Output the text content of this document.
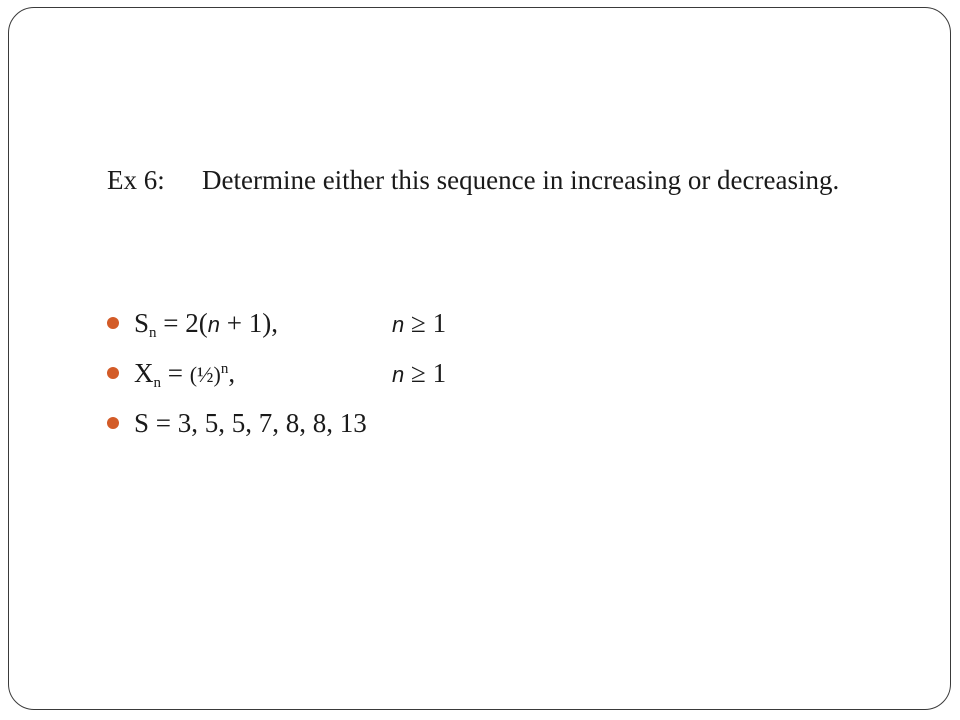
Ex 6: Determine either this sequence in increasing or decreasing.
$S_n = 2(n + 1)$,	n ≥ 1
$X_n$ = (½)$^n$,	n ≥ 1
S = 3, 5, 5, 7, 8, 8, 13
